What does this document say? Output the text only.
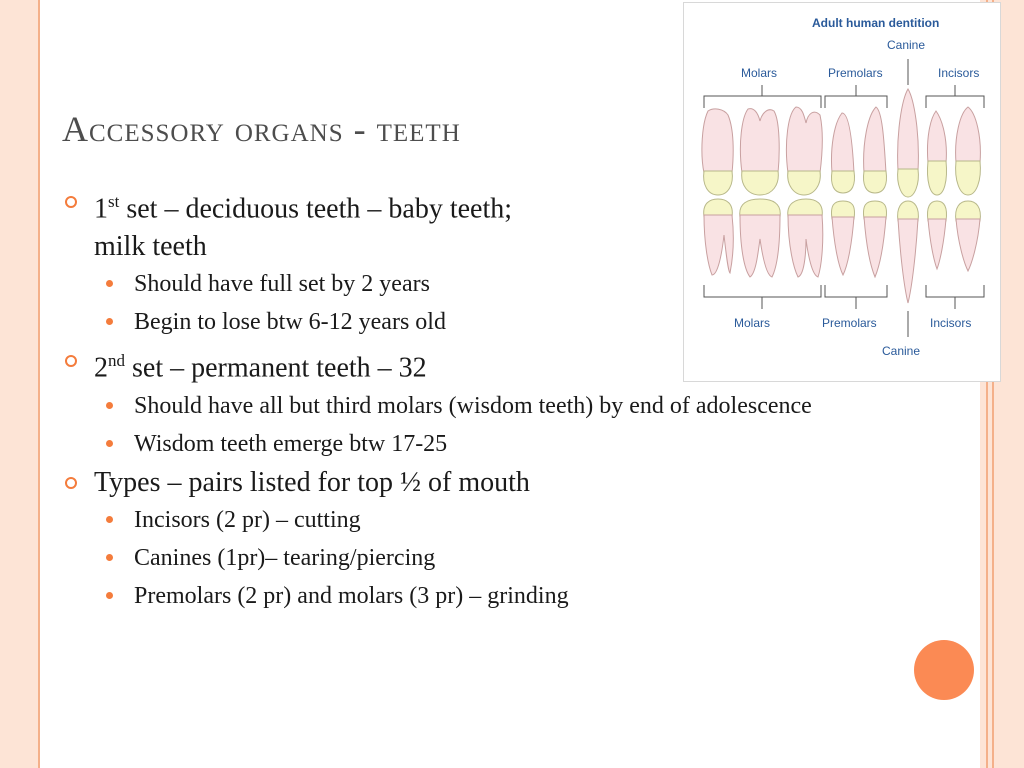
Accessory organs - teeth
1st set – deciduous teeth – baby teeth;
milk teeth
Should have full set by 2 years
Begin to lose btw 6-12 years old
2nd set – permanent teeth – 32
Should have all but third molars (wisdom teeth) by end of adolescence
Wisdom teeth emerge btw 17-25
Types – pairs listed for top ½ of mouth
Incisors (2 pr) – cutting
Canines (1pr)– tearing/piercing
Premolars (2 pr) and molars (3 pr) – grinding
Adult human dentition
Canine
Molars	Premolars	Incisors
Molars	Premolars	Incisors
Canine
